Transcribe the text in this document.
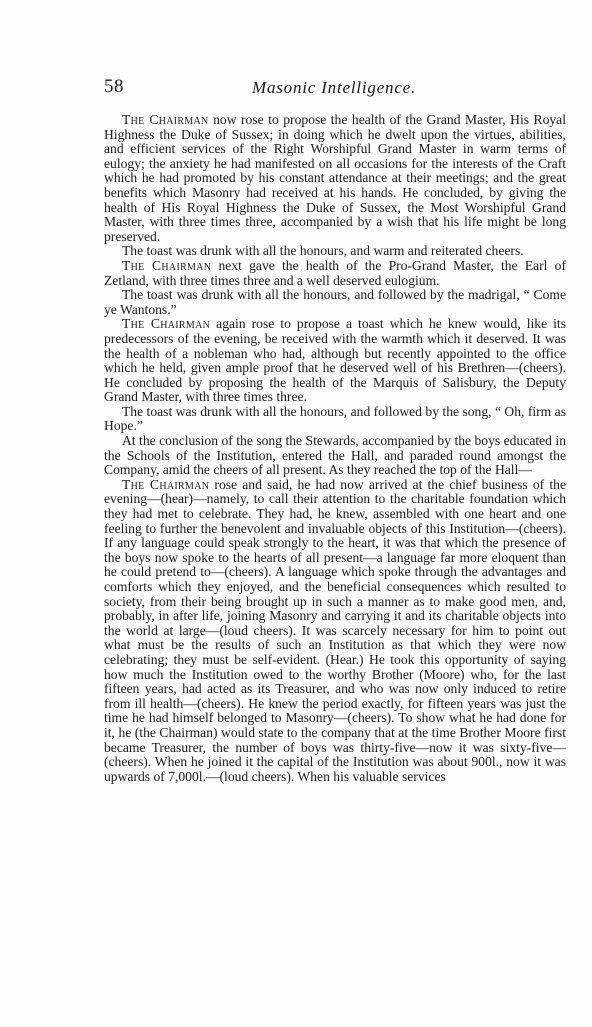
58	Masonic Intelligence.

The Chairman now rose to propose the health of the Grand Master, His Royal Highness the Duke of Sussex; in doing which he dwelt upon the virtues, abilities, and efficient services of the Right Worshipful Grand Master in warm terms of eulogy; the anxiety he had manifested on all occasions for the interests of the Craft which he had promoted by his constant attendance at their meetings; and the great benefits which Masonry had received at his hands. He concluded, by giving the health of His Royal Highness the Duke of Sussex, the Most Worshipful Grand Master, with three times three, accompanied by a wish that his life might be long preserved.

The toast was drunk with all the honours, and warm and reiterated cheers.

The Chairman next gave the health of the Pro-Grand Master, the Earl of Zetland, with three times three and a well deserved eulogium.

The toast was drunk with all the honours, and followed by the madrigal, “ Come ye Wantons.”

The Chairman again rose to propose a toast which he knew would, like its predecessors of the evening, be received with the warmth which it deserved. It was the health of a nobleman who had, although but recently appointed to the office which he held, given ample proof that he deserved well of his Brethren—(cheers). He concluded by proposing the health of the Marquis of Salisbury, the Deputy Grand Master, with three times three.

The toast was drunk with all the honours, and followed by the song, “ Oh, firm as Hope.”

At the conclusion of the song the Stewards, accompanied by the boys educated in the Schools of the Institution, entered the Hall, and paraded round amongst the Company, amid the cheers of all present. As they reached the top of the Hall—

The Chairman rose and said, he had now arrived at the chief business of the evening—(hear)—namely, to call their attention to the charitable foundation which they had met to celebrate. They had, he knew, assembled with one heart and one feeling to further the benevolent and invaluable objects of this Institution—(cheers). If any language could speak strongly to the heart, it was that which the presence of the boys now spoke to the hearts of all present—a language far more eloquent than he could pretend to—(cheers). A language which spoke through the advantages and comforts which they enjoyed, and the beneficial consequences which resulted to society, from their being brought up in such a manner as to make good men, and, probably, in after life, joining Masonry and carrying it and its charitable objects into the world at large—(loud cheers). It was scarcely necessary for him to point out what must be the results of such an Institution as that which they were now celebrating; they must be self-evident. (Hear.) He took this opportunity of saying how much the Institution owed to the worthy Brother (Moore) who, for the last fifteen years, had acted as its Treasurer, and who was now only induced to retire from ill health—(cheers). He knew the period exactly, for fifteen years was just the time he had himself belonged to Masonry—(cheers). To show what he had done for it, he (the Chairman) would state to the company that at the time Brother Moore first became Treasurer, the number of boys was thirty-five—now it was sixty-five—(cheers). When he joined it the capital of the Institution was about 900l., now it was upwards of 7,000l.—(loud cheers). When his valuable services
